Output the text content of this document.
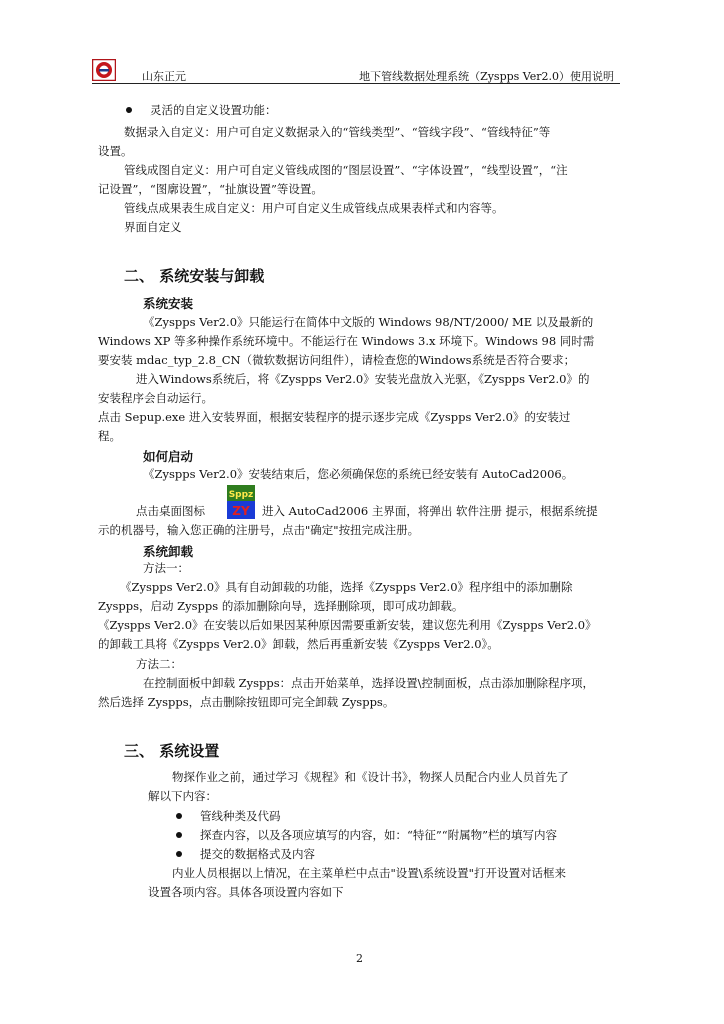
山东正元	地下管线数据处理系统（Zyspps Ver2.0）使用说明
灵活的自定义设置功能：
数据录入自定义：用户可自定义数据录入的“管线类型”、“管线字段”、“管线特征”等
设置。
管线成图自定义：用户可自定义管线成图的“图层设置”、“字体设置”，“线型设置”，“注
记设置”，“图廓设置”，“扯旗设置”等设置。
管线点成果表生成自定义：用户可自定义生成管线点成果表样式和内容等。
界面自定义
二、 系统安装与卸载
系统安装
《Zyspps Ver2.0》只能运行在简体中文版的 Windows 98/NT/2000/ ME 以及最新的
Windows XP 等多种操作系统环境中。不能运行在 Windows 3.x 环境下。Windows 98 同时需
要安装 mdac_typ_2.8_CN（微软数据访问组件），请检查您的Windows系统是否符合要求；
进入Windows系统后，将《Zyspps Ver2.0》安装光盘放入光驱，《Zyspps Ver2.0》的
安装程序会自动运行。
点击 Sepup.exe 进入安装界面，根据安装程序的提示逐步完成《Zyspps Ver2.0》的安装过
程。
如何启动
《Zyspps Ver2.0》安装结束后，您必须确保您的系统已经安装有 AutoCad2006。
点击桌面图标
Sppz
ZY 进入 AutoCad2006 主界面，将弹出 软件注册 提示，根据系统提
示的机器号，输入您正确的注册号，点击"确定"按扭完成注册。
系统卸载
方法一：
《Zyspps Ver2.0》具有自动卸载的功能，选择《Zyspps Ver2.0》程序组中的添加删除
Zyspps，启动 Zyspps 的添加删除向导，选择删除项，即可成功卸载。
《Zyspps Ver2.0》在安装以后如果因某种原因需要重新安装，建议您先利用《Zyspps Ver2.0》
的卸载工具将《Zyspps Ver2.0》卸载，然后再重新安装《Zyspps Ver2.0》。
方法二：
在控制面板中卸载 Zyspps：点击开始菜单，选择设置\控制面板，点击添加删除程序项，
然后选择 Zyspps，点击删除按钮即可完全卸载 Zyspps。
三、 系统设置
物探作业之前，通过学习《规程》和《设计书》，物探人员配合内业人员首先了
解以下内容：
管线种类及代码
探查内容，以及各项应填写的内容，如：“特征”“附属物”栏的填写内容
提交的数据格式及内容
内业人员根据以上情况，在主菜单栏中点击"设置\系统设置"打开设置对话框来
设置各项内容。具体各项设置内容如下
2
